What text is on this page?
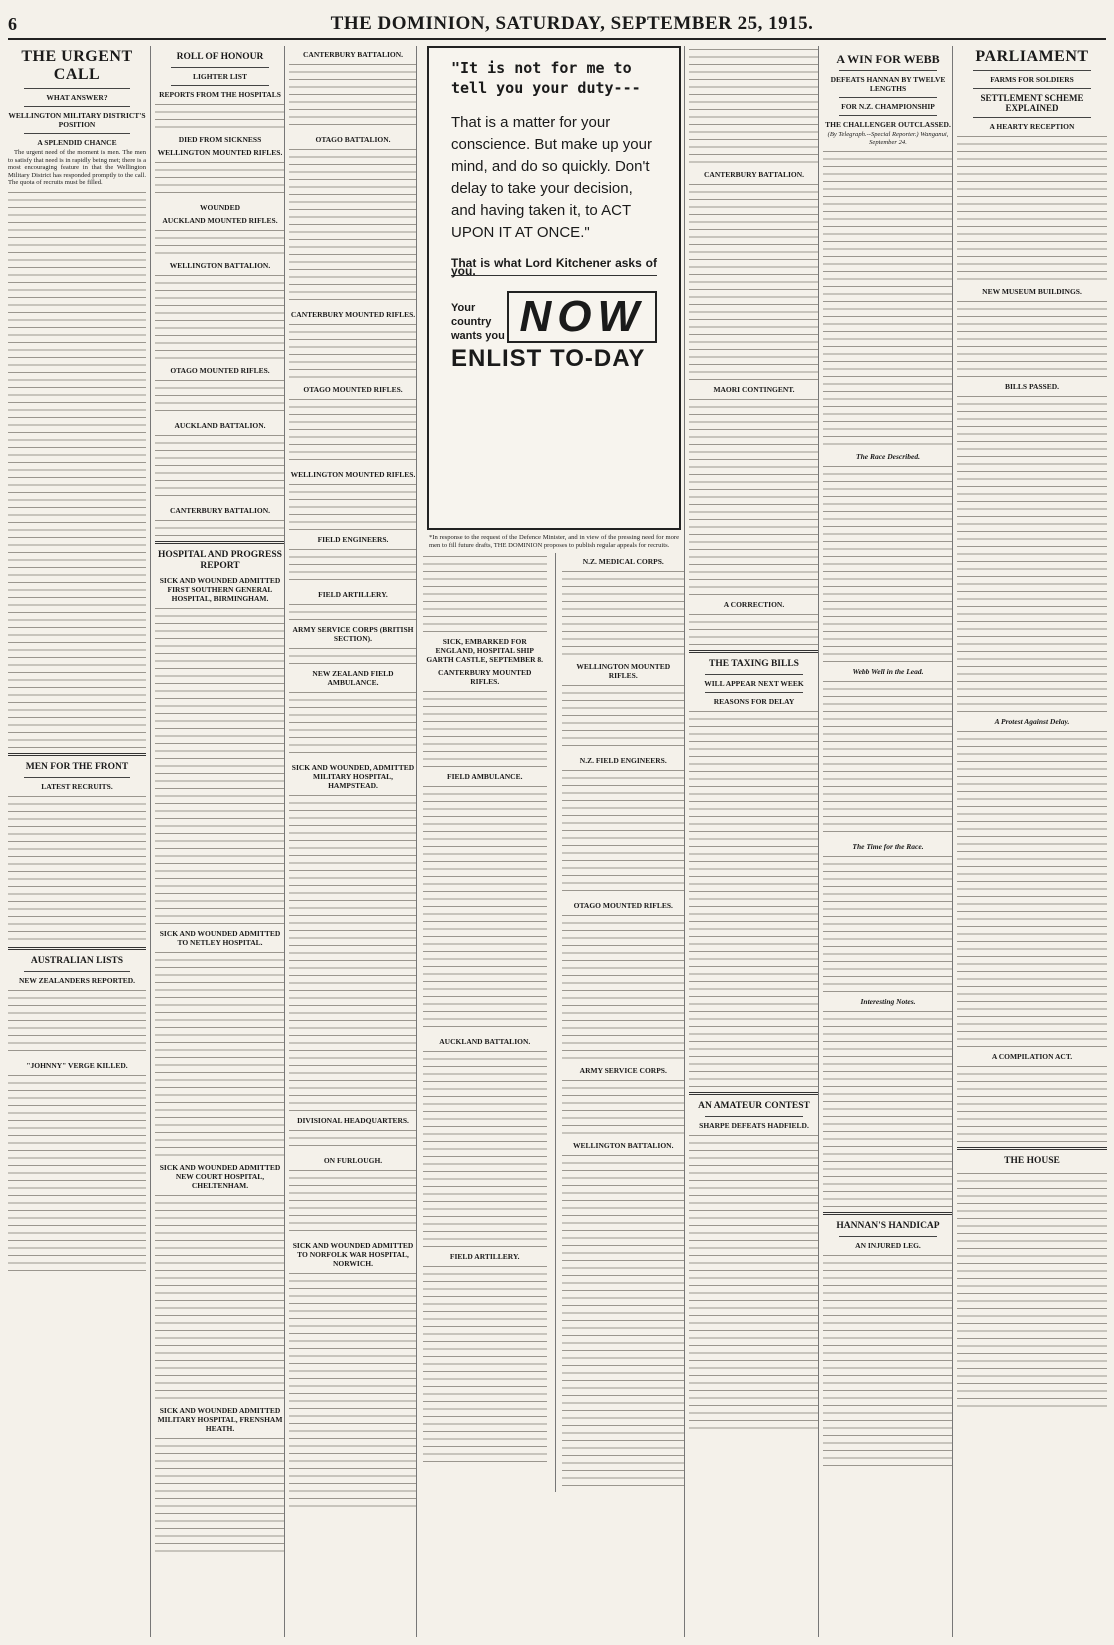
6	THE DOMINION, SATURDAY, SEPTEMBER 25, 1915.
THE URGENT CALL
WHAT ANSWER?
WELLINGTON MILITARY DISTRICT'S POSITION
A SPLENDID CHANCE

The urgent need of the moment is men. The men to satisfy that need is in rapidly being met; there is a most encouraging feature in that the Wellington Military District has responded promptly to the call. The quota of recruits must be filled.

MEN FOR THE FRONT
LATEST RECRUITS.
AUSTRALIAN LISTS
NEW ZEALANDERS REPORTED.
"JOHNNY" VERGE KILLED.
ROLL OF HONOUR
LIGHTER LIST
REPORTS FROM THE HOSPITALS
DIED FROM SICKNESS
WELLINGTON MOUNTED RIFLES.
WOUNDED
AUCKLAND MOUNTED RIFLES.
WELLINGTON BATTALION.
OTAGO MOUNTED RIFLES.
AUCKLAND BATTALION.
CANTERBURY BATTALION.
HOSPITAL AND PROGRESS REPORT
SICK AND WOUNDED ADMITTED FIRST SOUTHERN GENERAL HOSPITAL, BIRMINGHAM.
SICK AND WOUNDED ADMITTED TO NETLEY HOSPITAL.
SICK AND WOUNDED ADMITTED NEW COURT HOSPITAL, CHELTENHAM.
SICK AND WOUNDED ADMITTED MILITARY HOSPITAL, FRENSHAM HEATH.
CANTERBURY BATTALION.
OTAGO BATTALION.
CANTERBURY MOUNTED RIFLES.
OTAGO MOUNTED RIFLES.
WELLINGTON MOUNTED RIFLES.
FIELD ENGINEERS.
FIELD ARTILLERY.
ARMY SERVICE CORPS (BRITISH SECTION).
NEW ZEALAND FIELD AMBULANCE.
SICK AND WOUNDED, ADMITTED MILITARY HOSPITAL, HAMPSTEAD.
DIVISIONAL HEADQUARTERS.
ON FURLOUGH.
SICK AND WOUNDED ADMITTED TO NORFOLK WAR HOSPITAL, NORWICH.
"It is not for me to tell you your duty---
That is a matter for your conscience. But make up your mind, and do so quickly. Don't delay to take your decision, and having taken it, to ACT UPON IT AT ONCE."
That is what Lord Kitchener asks of you.
Your country wants you NOW
ENLIST TO-DAY
*In response to the request of the Defence Minister, and in view of the pressing need for more men to fill future drafts, THE DOMINION proposes to publish regular appeals for recruits.
SICK, EMBARKED FOR ENGLAND, HOSPITAL SHIP GARTH CASTLE, SEPTEMBER 8.
CANTERBURY MOUNTED RIFLES.
FIELD AMBULANCE.
AUCKLAND BATTALION.
FIELD ARTILLERY.
N.Z. MEDICAL CORPS.
WELLINGTON MOUNTED RIFLES.
N.Z. FIELD ENGINEERS.
OTAGO MOUNTED RIFLES.
ARMY SERVICE CORPS.
WELLINGTON BATTALION.
CANTERBURY BATTALION.
MAORI CONTINGENT.
A CORRECTION.
THE TAXING BILLS
WILL APPEAR NEXT WEEK
REASONS FOR DELAY
AN AMATEUR CONTEST
SHARPE DEFEATS HADFIELD.
A WIN FOR WEBB
DEFEATS HANNAN BY TWELVE LENGTHS
FOR N.Z. CHAMPIONSHIP
THE CHALLENGER OUTCLASSED.

(By Telegraph.--Special Reporter.) Wanganui, September 24.

The Race Described.
Webb Well in the Lead.
The Time for the Race.
Interesting Notes.
HANNAN'S HANDICAP
AN INJURED LEG.
PARLIAMENT
FARMS FOR SOLDIERS
SETTLEMENT SCHEME EXPLAINED
A HEARTY RECEPTION
NEW MUSEUM BUILDINGS.
BILLS PASSED.
A Protest Against Delay.
A COMPILATION ACT.
THE HOUSE
